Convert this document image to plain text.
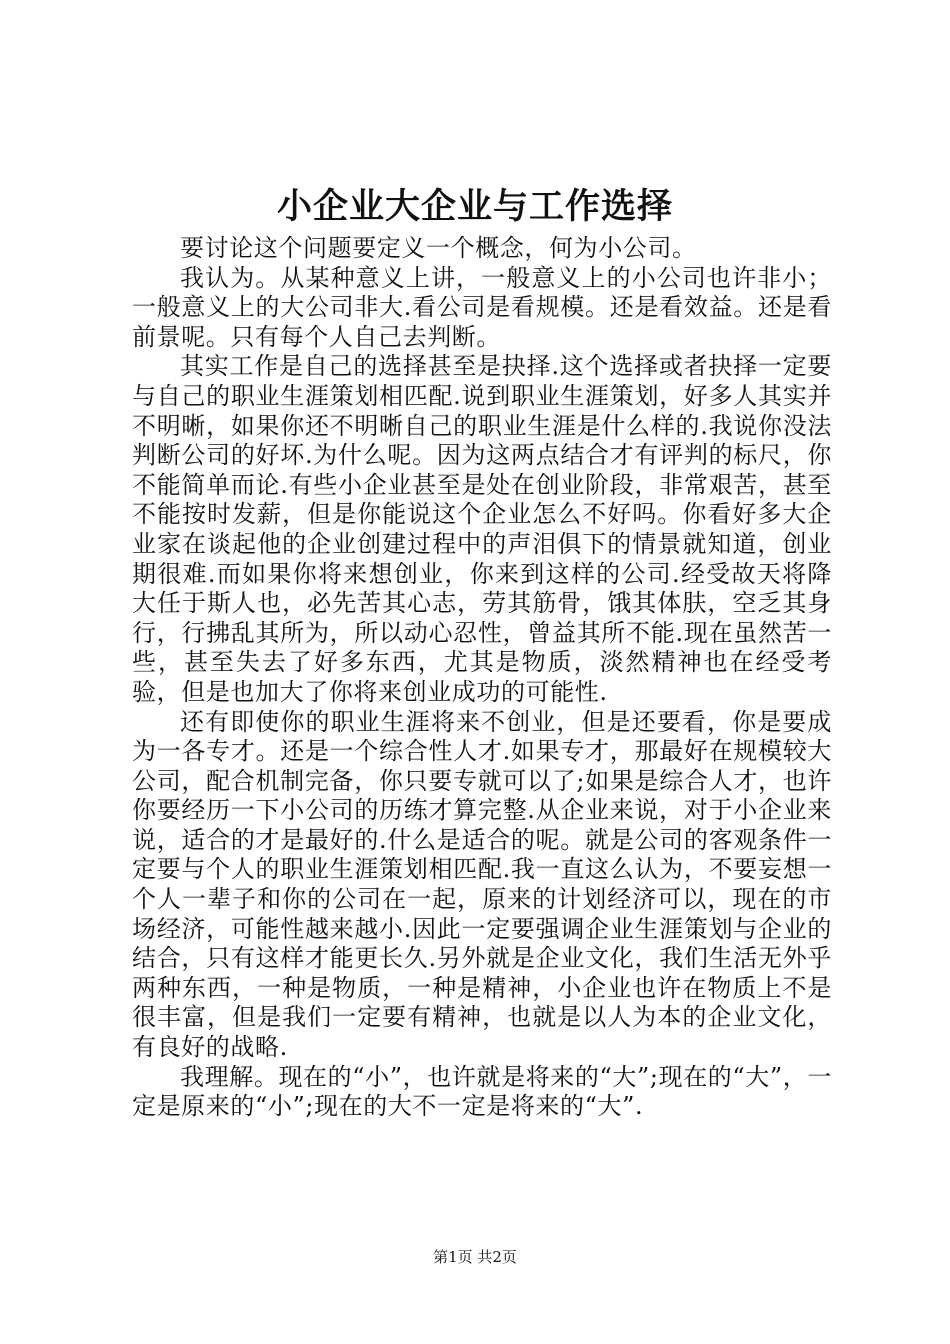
小企业大企业与工作选择

要讨论这个问题要定义一个概念，何为小公司。

我认为。从某种意义上讲，一般意义上的小公司也许非小；一般意义上的大公司非大.看公司是看规模。还是看效益。还是看前景呢。只有每个人自己去判断。

其实工作是自己的选择甚至是抉择.这个选择或者抉择一定要与自己的职业生涯策划相匹配.说到职业生涯策划，好多人其实并不明晰，如果你还不明晰自己的职业生涯是什么样的.我说你没法判断公司的好坏.为什么呢。因为这两点结合才有评判的标尺，你不能简单而论.有些小企业甚至是处在创业阶段，非常艰苦，甚至不能按时发薪，但是你能说这个企业怎么不好吗。你看好多大企业家在谈起他的企业创建过程中的声泪俱下的情景就知道，创业期很难.而如果你将来想创业，你来到这样的公司.经受故天将降大任于斯人也，必先苦其心志，劳其筋骨，饿其体肤，空乏其身行，行拂乱其所为，所以动心忍性，曾益其所不能.现在虽然苦一些，甚至失去了好多东西，尤其是物质，淡然精神也在经受考验，但是也加大了你将来创业成功的可能性.

还有即使你的职业生涯将来不创业，但是还要看，你是要成为一各专才。还是一个综合性人才.如果专才，那最好在规模较大公司，配合机制完备，你只要专就可以了;如果是综合人才，也许你要经历一下小公司的历练才算完整.从企业来说，对于小企业来说，适合的才是最好的.什么是适合的呢。就是公司的客观条件一定要与个人的职业生涯策划相匹配.我一直这么认为，不要妄想一个人一辈子和你的公司在一起，原来的计划经济可以，现在的市场经济，可能性越来越小.因此一定要强调企业生涯策划与企业的结合，只有这样才能更长久.另外就是企业文化，我们生活无外乎两种东西，一种是物质，一种是精神，小企业也许在物质上不是很丰富，但是我们一定要有精神，也就是以人为本的企业文化，有良好的战略.

我理解。现在的“小”，也许就是将来的“大”;现在的“大”，一定是原来的“小”;现在的大不一定是将来的“大”.

第1页 共2页
